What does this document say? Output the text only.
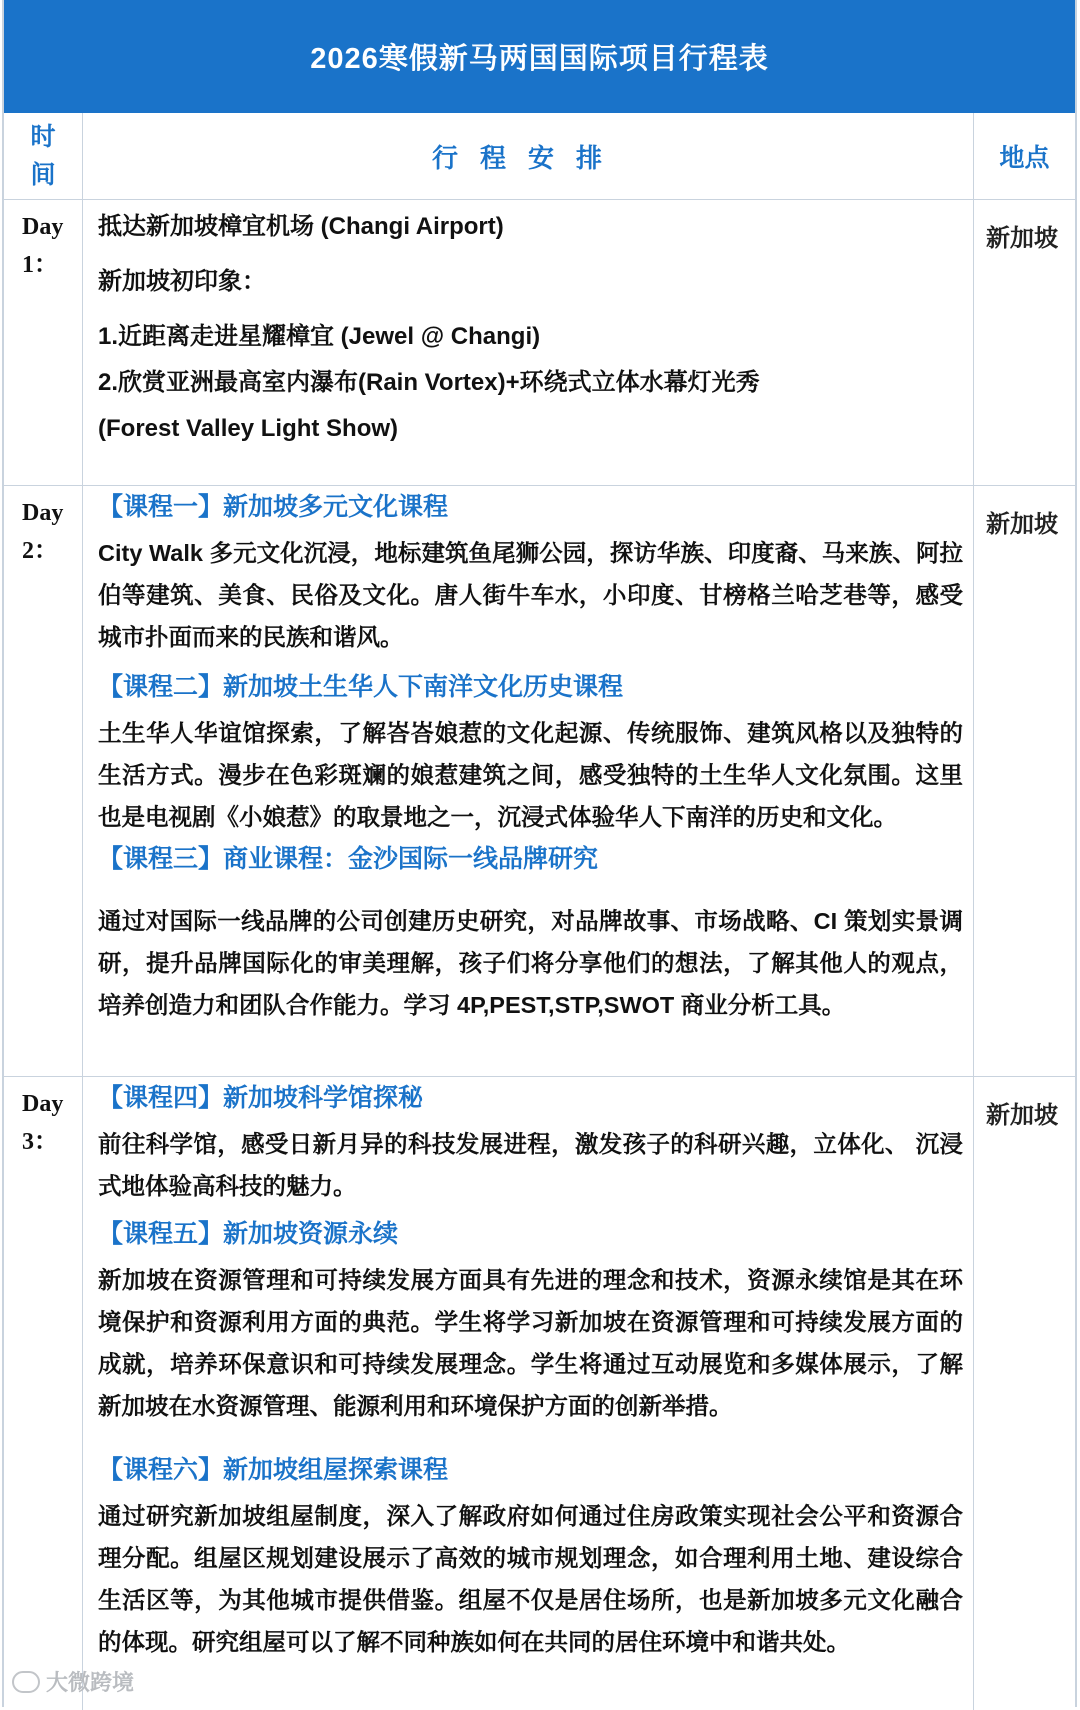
2026寒假新马两国国际项目行程表
时
间
行程安排	地点
Day
1：
抵达新加坡樟宜机场 (Changi Airport)
新加坡初印象：
1.近距离走进星耀樟宜 (Jewel @ Changi)
2.欣赏亚洲最高室内瀑布(Rain Vortex)+环绕式立体水幕灯光秀
(Forest Valley Light Show)
新加坡
Day
2：
【课程一】新加坡多元文化课程
City Walk 多元文化沉浸，地标建筑鱼尾狮公园，探访华族、印度裔、马来族、阿拉伯等建筑、美食、民俗及文化。唐人街牛车水，小印度、甘榜格兰哈芝巷等，感受城市扑面而来的民族和谐风。
【课程二】新加坡土生华人下南洋文化历史课程
土生华人华谊馆探索，了解峇峇娘惹的文化起源、传统服饰、建筑风格以及独特的生活方式。漫步在色彩斑斓的娘惹建筑之间，感受独特的土生华人文化氛围。这里也是电视剧《小娘惹》的取景地之一，沉浸式体验华人下南洋的历史和文化。
【课程三】商业课程：金沙国际一线品牌研究
通过对国际一线品牌的公司创建历史研究，对品牌故事、市场战略、CI 策划实景调 研，提升品牌国际化的审美理解，孩子们将分享他们的想法，了解其他人的观点， 培养创造力和团队合作能力。学习 4P,PEST,STP,SWOT 商业分析工具。
新加坡
Day
3：
【课程四】新加坡科学馆探秘
前往科学馆，感受日新月异的科技发展进程，激发孩子的科研兴趣，立体化、 沉浸式地体验高科技的魅力。
【课程五】新加坡资源永续
新加坡在资源管理和可持续发展方面具有先进的理念和技术，资源永续馆是其在环境保护和资源利用方面的典范。学生将学习新加坡在资源管理和可持续发展方面的成就，培养环保意识和可持续发展理念。学生将通过互动展览和多媒体展示，了解新加坡在水资源管理、能源利用和环境保护方面的创新举措。
【课程六】新加坡组屋探索课程
通过研究新加坡组屋制度，深入了解政府如何通过住房政策实现社会公平和资源合理分配。组屋区规划建设展示了高效的城市规划理念，如合理利用土地、建设综合生活区等，为其他城市提供借鉴。组屋不仅是居住场所，也是新加坡多元文化融合的体现。研究组屋可以了解不同种族如何在共同的居住环境中和谐共处。
新加坡
大微跨境
